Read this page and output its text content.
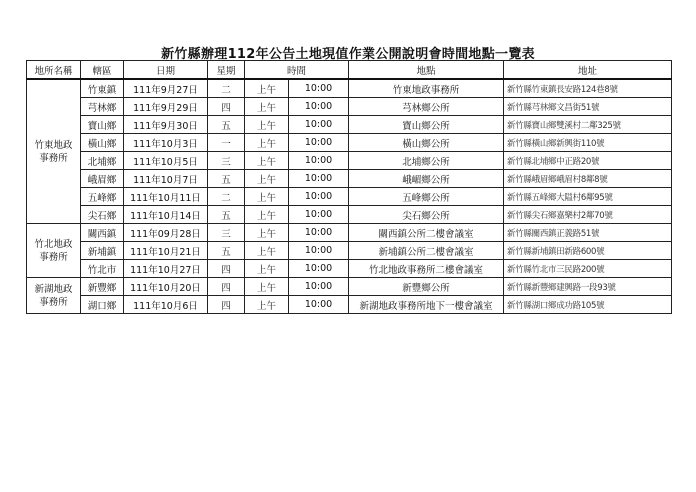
新竹縣辦理112年公告土地現值作業公開說明會時間地點一覽表
地所名稱	轄區	日期	星期	時間		地點	地址
竹東地政事務所	竹東鎮	111年9月27日	二	上午	10:00	竹東地政事務所	新竹縣竹東鎮長安路124巷8號
	芎林鄉	111年9月29日	四	上午	10:00	芎林鄉公所	新竹縣芎林鄉文昌街51號
	寶山鄉	111年9月30日	五	上午	10:00	寶山鄉公所	新竹縣寶山鄉雙溪村二鄰325號
	橫山鄉	111年10月3日	一	上午	10:00	橫山鄉公所	新竹縣橫山鄉新興街110號
	北埔鄉	111年10月5日	三	上午	10:00	北埔鄉公所	新竹縣北埔鄉中正路20號
	峨眉鄉	111年10月7日	五	上午	10:00	峨嵋鄉公所	新竹縣峨眉鄉峨眉村8鄰8號
	五峰鄉	111年10月11日	二	上午	10:00	五峰鄉公所	新竹縣五峰鄉大隘村6鄰95號
	尖石鄉	111年10月14日	五	上午	10:00	尖石鄉公所	新竹縣尖石鄉嘉樂村2鄰70號
竹北地政事務所	關西鎮	111年09月28日	三	上午	10:00	關西鎮公所二樓會議室	新竹縣關西鎮正義路51號
	新埔鎮	111年10月21日	五	上午	10:00	新埔鎮公所二樓會議室	新竹縣新埔鎮田新路600號
	竹北市	111年10月27日	四	上午	10:00	竹北地政事務所二樓會議室	新竹縣竹北市三民路200號
新湖地政事務所	新豐鄉	111年10月20日	四	上午	10:00	新豐鄉公所	新竹縣新豐鄉建興路一段93號
	湖口鄉	111年10月6日	四	上午	10:00	新湖地政事務所地下一樓會議室	新竹縣湖口鄉成功路105號
